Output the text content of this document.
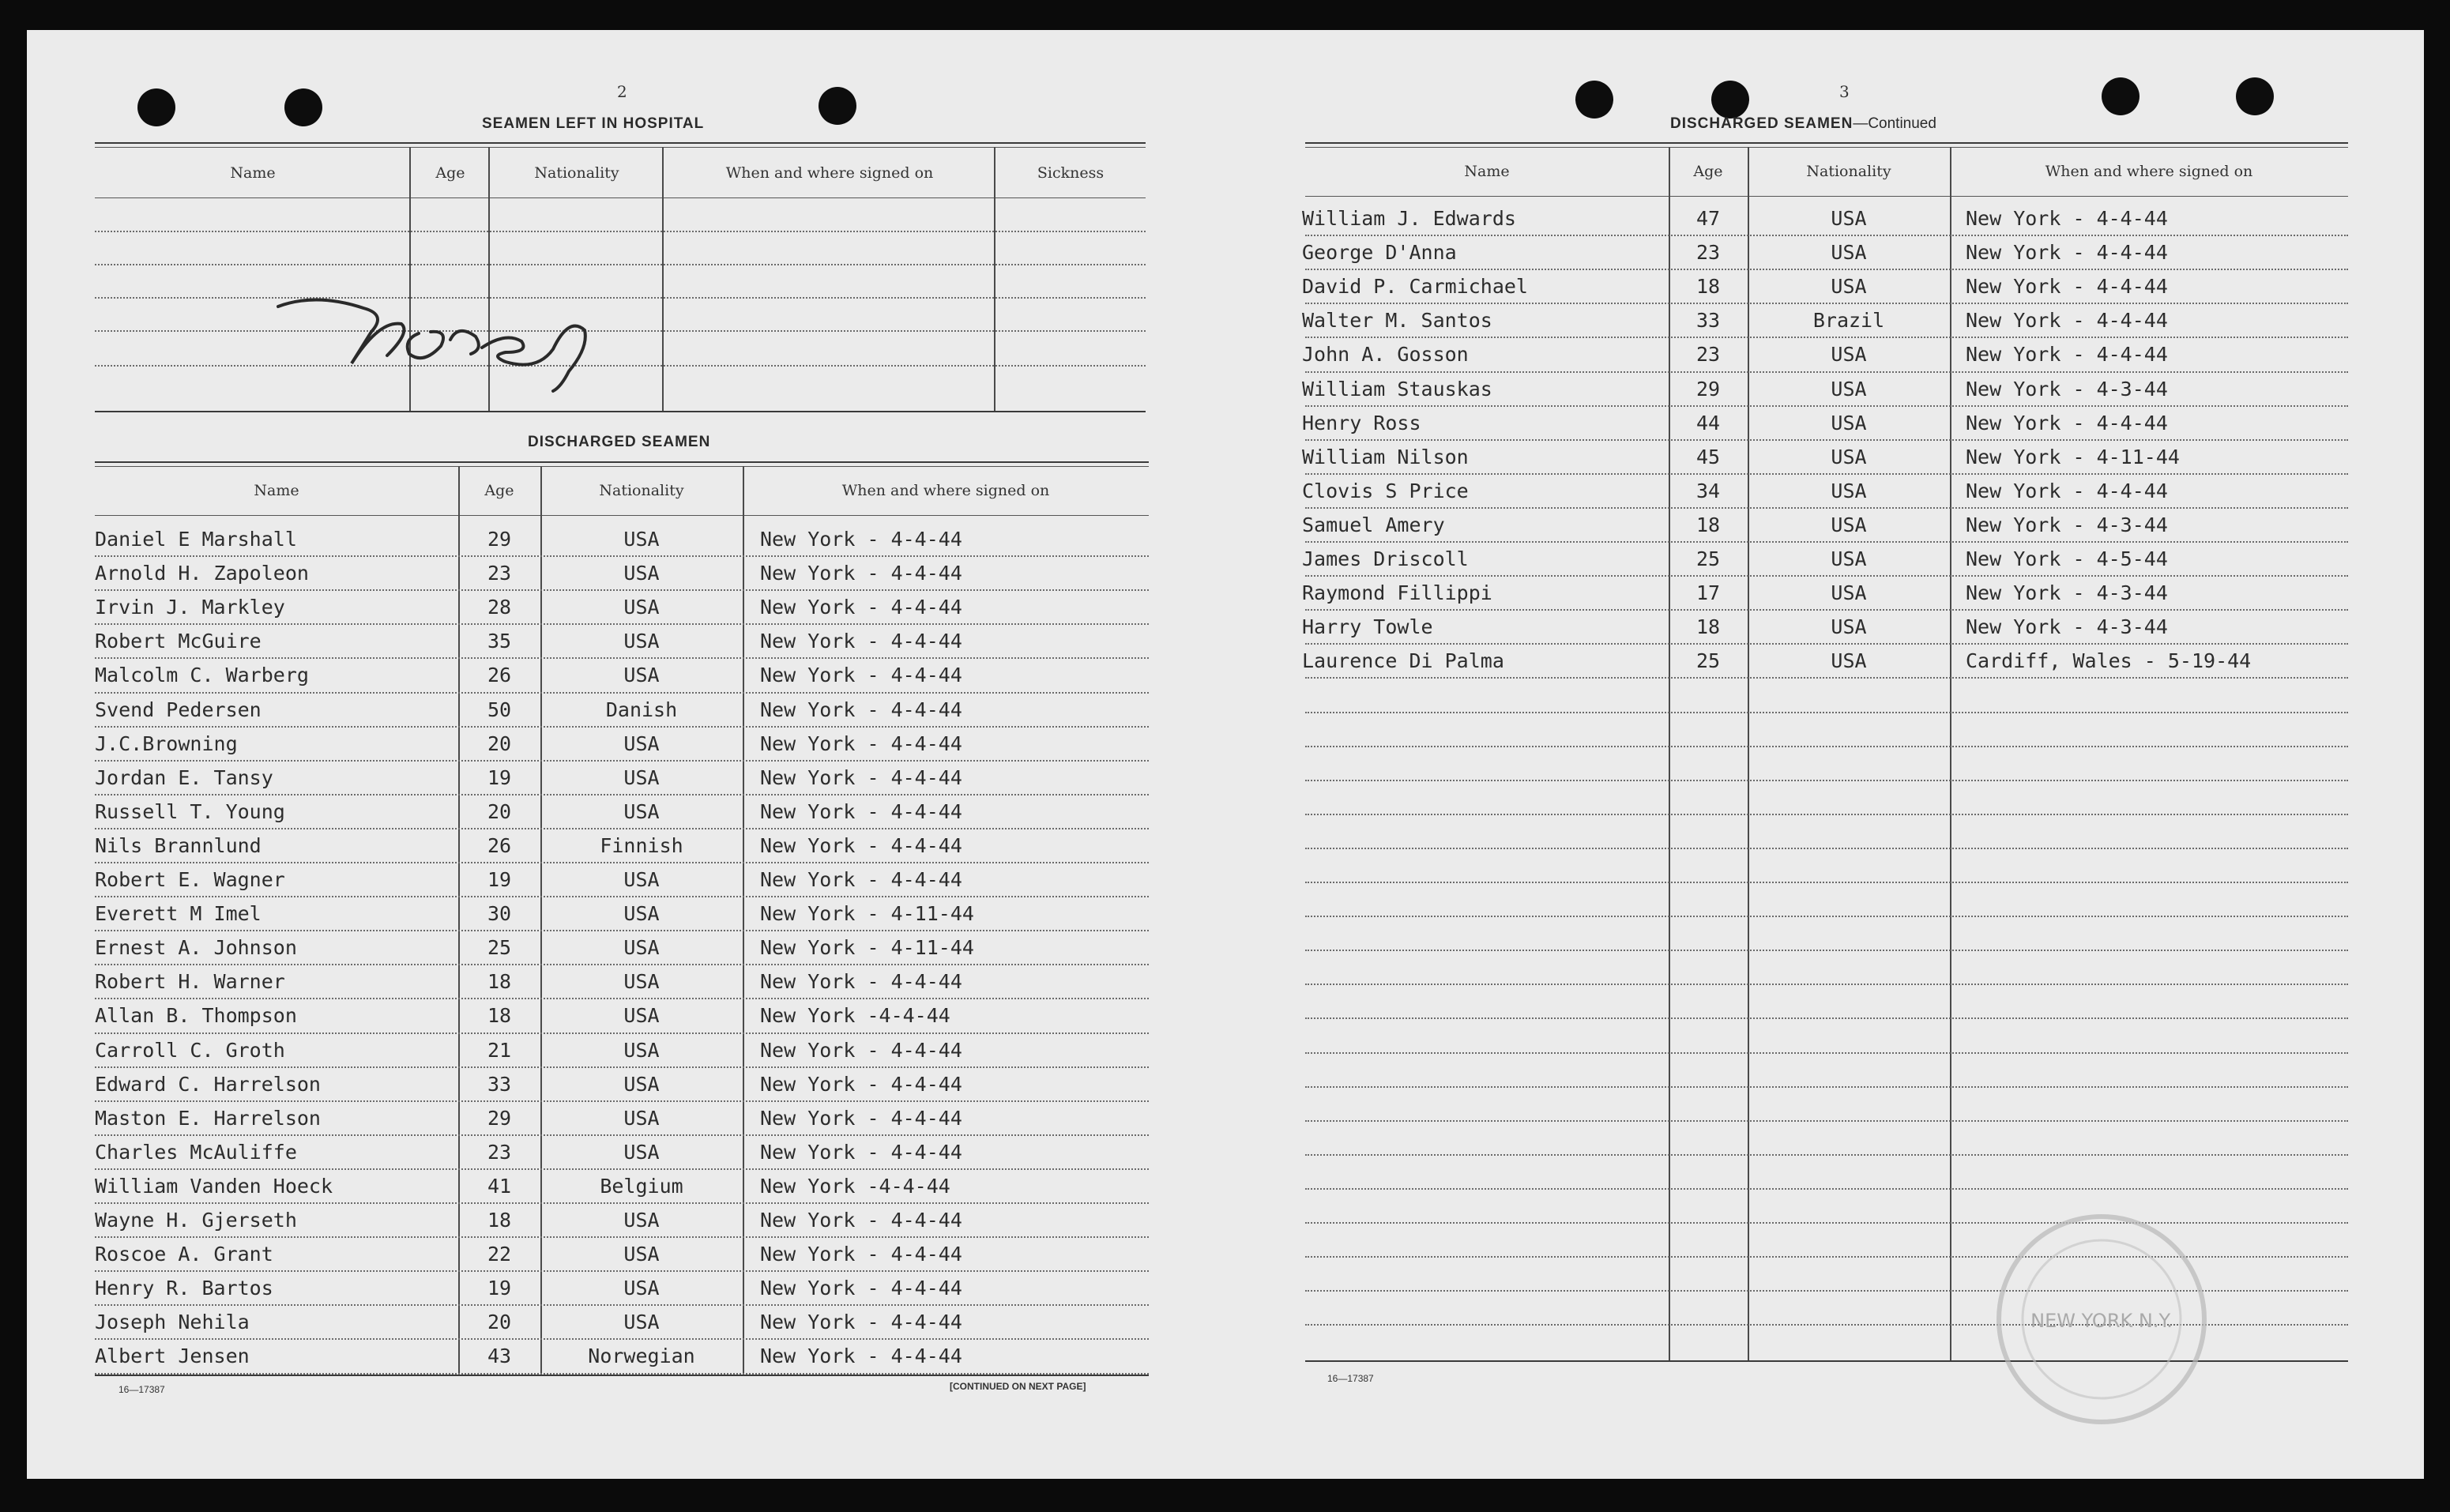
2
SEAMEN LEFT IN HOSPITAL
Name	Age	Nationality	When and where signed on	Sickness
DISCHARGED SEAMEN
Name	Age	Nationality	When and where signed on
Daniel E Marshall	29	USA	New York - 4-4-44
Arnold H. Zapoleon	23	USA	New York - 4-4-44
Irvin J. Markley	28	USA	New York - 4-4-44
Robert McGuire	35	USA	New York - 4-4-44
Malcolm C. Warberg	26	USA	New York - 4-4-44
Svend Pedersen	50	Danish	New York - 4-4-44
J.C.Browning	20	USA	New York - 4-4-44
Jordan E. Tansy	19	USA	New York - 4-4-44
Russell T. Young	20	USA	New York - 4-4-44
Nils Brannlund	26	Finnish	New York - 4-4-44
Robert E. Wagner	19	USA	New York - 4-4-44
Everett M Imel	30	USA	New York - 4-11-44
Ernest A. Johnson	25	USA	New York - 4-11-44
Robert H. Warner	18	USA	New York - 4-4-44
Allan B. Thompson	18	USA	New York -4-4-44
Carroll C. Groth	21	USA	New York - 4-4-44
Edward C. Harrelson	33	USA	New York - 4-4-44
Maston E. Harrelson	29	USA	New York - 4-4-44
Charles McAuliffe	23	USA	New York - 4-4-44
William Vanden Hoeck	41	Belgium	New York -4-4-44
Wayne H. Gjerseth	18	USA	New York - 4-4-44
Roscoe A. Grant	22	USA	New York - 4-4-44
Henry R. Bartos	19	USA	New York - 4-4-44
Joseph Nehila	20	USA	New York - 4-4-44
Albert Jensen	43	Norwegian	New York - 4-4-44
16—17387	[CONTINUED ON NEXT PAGE]
3
DISCHARGED SEAMEN—Continued
Name	Age	Nationality	When and where signed on
William J. Edwards	47	USA	New York - 4-4-44
George D'Anna	23	USA	New York - 4-4-44
David P. Carmichael	18	USA	New York - 4-4-44
Walter M. Santos	33	Brazil	New York - 4-4-44
John A. Gosson	23	USA	New York - 4-4-44
William Stauskas	29	USA	New York - 4-3-44
Henry Ross	44	USA	New York - 4-4-44
William Nilson	45	USA	New York - 4-11-44
Clovis S Price	34	USA	New York - 4-4-44
Samuel Amery	18	USA	New York - 4-3-44
James Driscoll	25	USA	New York - 4-5-44
Raymond Fillippi	17	USA	New York - 4-3-44
Harry Towle	18	USA	New York - 4-3-44
Laurence Di Palma	25	USA	Cardiff, Wales - 5-19-44
16—17387
NEW YORK N.Y.
